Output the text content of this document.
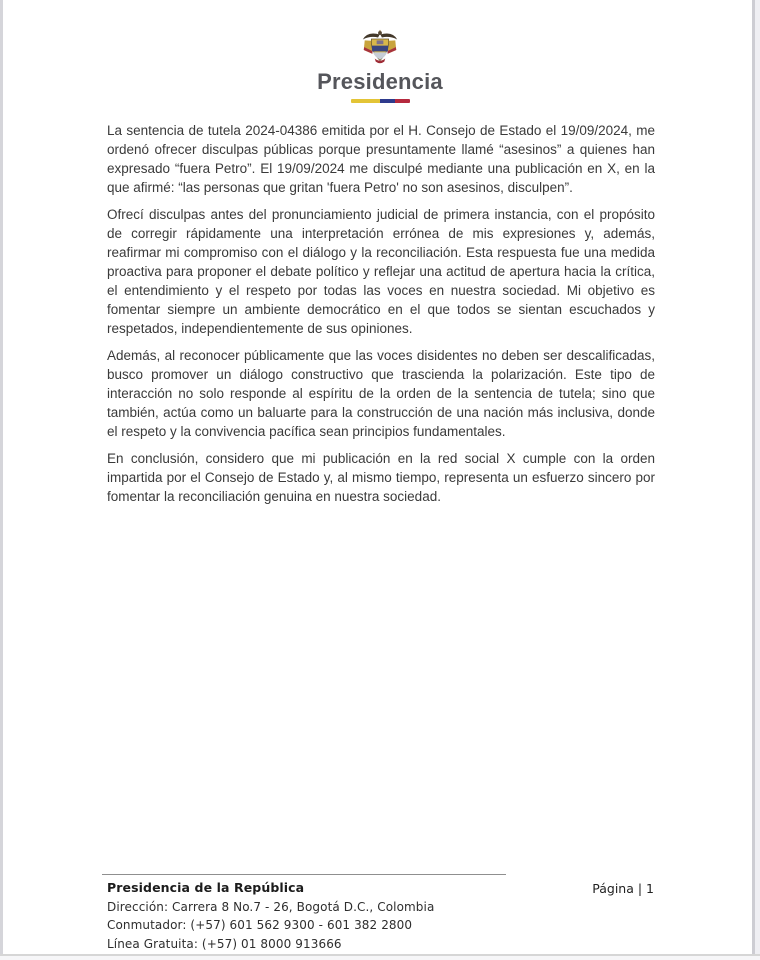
Presidencia

La sentencia de tutela 2024-04386 emitida por el H. Consejo de Estado el 19/09/2024, me ordenó ofrecer disculpas públicas porque presuntamente llamé “asesinos” a quienes han expresado “fuera Petro”. El 19/09/2024 me disculpé mediante una publicación en X, en la que afirmé: “las personas que gritan 'fuera Petro' no son asesinos, disculpen”.

Ofrecí disculpas antes del pronunciamiento judicial de primera instancia, con el propósito de corregir rápidamente una interpretación errónea de mis expresiones y, además, reafirmar mi compromiso con el diálogo y la reconciliación. Esta respuesta fue una medida proactiva para proponer el debate político y reflejar una actitud de apertura hacia la crítica, el entendimiento y el respeto por todas las voces en nuestra sociedad. Mi objetivo es fomentar siempre un ambiente democrático en el que todos se sientan escuchados y respetados, independientemente de sus opiniones.

Además, al reconocer públicamente que las voces disidentes no deben ser descalificadas, busco promover un diálogo constructivo que trascienda la polarización. Este tipo de interacción no solo responde al espíritu de la orden de la sentencia de tutela; sino que también, actúa como un baluarte para la construcción de una nación más inclusiva, donde el respeto y la convivencia pacífica sean principios fundamentales.

En conclusión, considero que mi publicación en la red social X cumple con la orden impartida por el Consejo de Estado y, al mismo tiempo, representa un esfuerzo sincero por fomentar la reconciliación genuina en nuestra sociedad.

Presidencia de la República
Dirección: Carrera 8 No.7 - 26, Bogotá D.C., Colombia
Conmutador: (+57) 601 562 9300 - 601 382 2800
Línea Gratuita: (+57) 01 8000 913666
Página | 1
